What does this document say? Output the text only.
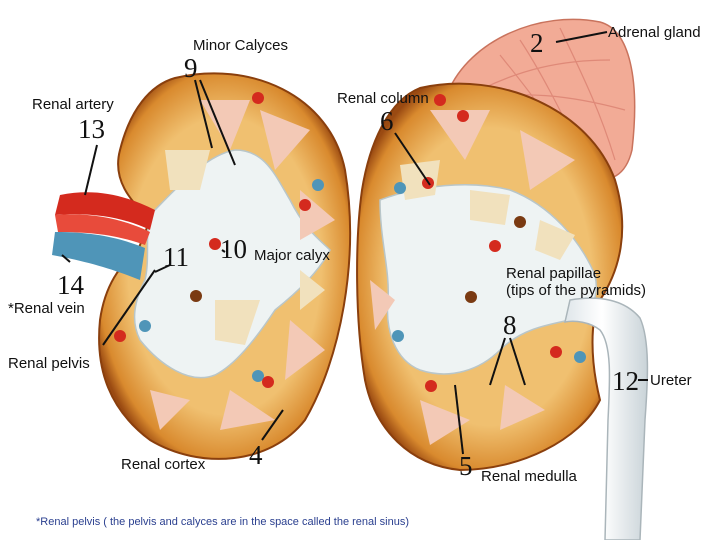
Adrenal gland
Minor Calyces
Renal artery	Renal column
Major calyx
Renal papillae
(tips of the pyramids)
*Renal vein
Renal pelvis
Ureter
Renal cortex
Renal medulla
2
9
13	6
11 10
14
8
12
4	5
*Renal pelvis ( the pelvis and calyces are in the space called the renal sinus)
